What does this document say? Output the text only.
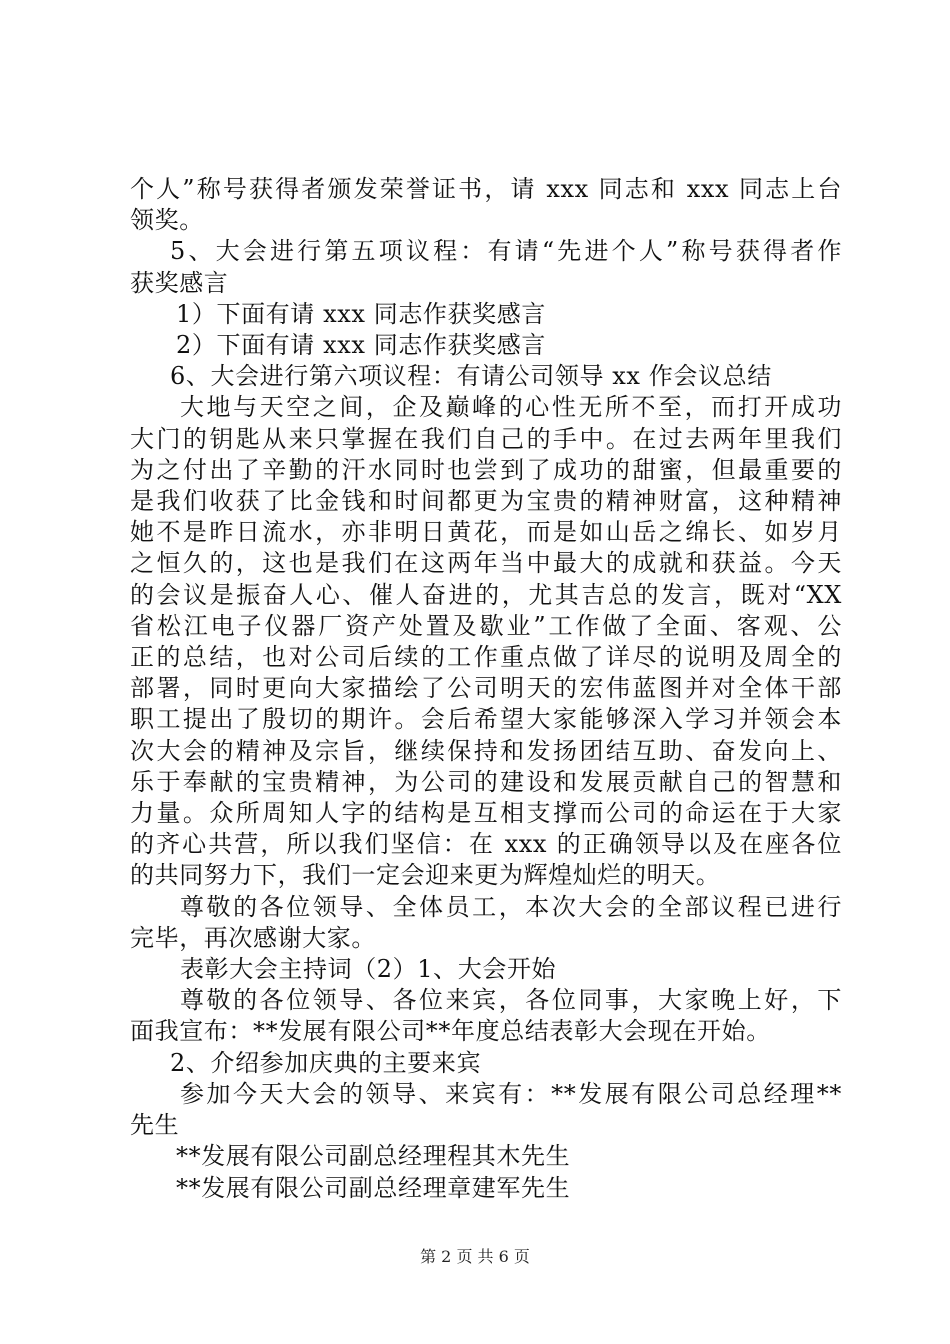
个人”称号获得者颁发荣誉证书，请 xxx 同志和 xxx 同志上台

领奖。

5、大会进行第五项议程：有请“先进个人”称号获得者作

获奖感言

1）下面有请 xxx 同志作获奖感言

2）下面有请 xxx 同志作获奖感言

6、大会进行第六项议程：有请公司领导 xx 作会议总结

大地与天空之间，企及巅峰的心性无所不至，而打开成功

大门的钥匙从来只掌握在我们自己的手中。在过去两年里我们

为之付出了辛勤的汗水同时也尝到了成功的甜蜜，但最重要的

是我们收获了比金钱和时间都更为宝贵的精神财富，这种精神

她不是昨日流水，亦非明日黄花，而是如山岳之绵长、如岁月

之恒久的，这也是我们在这两年当中最大的成就和获益。今天

的会议是振奋人心、催人奋进的，尤其吉总的发言，既对“XX

省松江电子仪器厂资产处置及歇业”工作做了全面、客观、公

正的总结，也对公司后续的工作重点做了详尽的说明及周全的

部署，同时更向大家描绘了公司明天的宏伟蓝图并对全体干部

职工提出了殷切的期许。会后希望大家能够深入学习并领会本

次大会的精神及宗旨，继续保持和发扬团结互助、奋发向上、

乐于奉献的宝贵精神，为公司的建设和发展贡献自己的智慧和

力量。众所周知人字的结构是互相支撑而公司的命运在于大家

的齐心共营，所以我们坚信：在 xxx 的正确领导以及在座各位

的共同努力下，我们一定会迎来更为辉煌灿烂的明天。

尊敬的各位领导、全体员工，本次大会的全部议程已进行

完毕，再次感谢大家。

表彰大会主持词（2）1、大会开始

尊敬的各位领导、各位来宾，各位同事，大家晚上好，下

面我宣布：**发展有限公司**年度总结表彰大会现在开始。

2、介绍参加庆典的主要来宾

参加今天大会的领导、来宾有：**发展有限公司总经理**

先生

**发展有限公司副总经理程其木先生

**发展有限公司副总经理章建军先生

第 2 页 共 6 页
